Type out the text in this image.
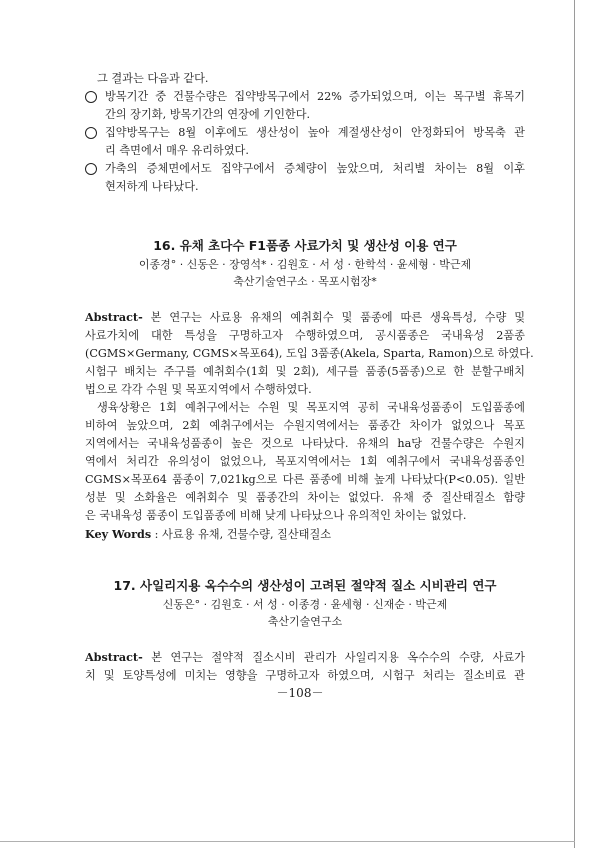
그 결과는 다음과 같다.
방목기간 중 건물수량은 집약방목구에서 22% 증가되었으며, 이는 목구별 휴목기
간의 장기화, 방목기간의 연장에 기인한다.
집약방목구는 8월 이후에도 생산성이 높아 계절생산성이 안정화되어 방목축 관
리 측면에서 매우 유리하였다.
가축의 증체면에서도 집약구에서 증체량이 높았으며, 처리별 차이는 8월 이후
현저하게 나타났다.
16. 유채 초다수 F1품종 사료가치 및 생산성 이용 연구
이종경° · 신동은 · 장영석* · 김원호 · 서 성 · 한학석 · 윤세형 · 박근제
축산기술연구소 · 목포시험장*
Abstract- 본 연구는 사료용 유채의 예취회수 및 품종에 따른 생육특성, 수량 및
사료가치에 대한 특성을 구명하고자 수행하였으며, 공시품종은 국내육성 2품종
(CGMS×Germany, CGMS×목포64), 도입 3품종(Akela, Sparta, Ramon)으로 하였다.
시험구 배치는 주구를 예취회수(1회 및 2회), 세구를 품종(5품종)으로 한 분할구배치
법으로 각각 수원 및 목포지역에서 수행하였다.
생육상황은 1회 예취구에서는 수원 및 목포지역 공히 국내육성품종이 도입품종에
비하여 높았으며, 2회 예취구에서는 수원지역에서는 품종간 차이가 없었으나 목포
지역에서는 국내육성품종이 높은 것으로 나타났다. 유채의 ha당 건물수량은 수원지
역에서 처리간 유의성이 없었으나, 목포지역에서는 1회 예취구에서 국내육성품종인
CGMS×목포64 품종이 7,021kg으로 다른 품종에 비해 높게 나타났다(P<0.05). 일반
성분 및 소화율은 예취회수 및 품종간의 차이는 없었다. 유채 중 질산태질소 함량
은 국내육성 품종이 도입품종에 비해 낮게 나타났으나 유의적인 차이는 없었다.
Key Words : 사료용 유채, 건물수량, 질산태질소
17. 사일리지용 옥수수의 생산성이 고려된 절약적 질소 시비관리 연구
신동은° · 김원호 · 서 성 · 이종경 · 윤세형 · 신재순 · 박근제
축산기술연구소
Abstract- 본 연구는 절약적 질소시비 관리가 사일리지용 옥수수의 수량, 사료가
치 및 토양특성에 미치는 영향을 구명하고자 하였으며, 시험구 처리는 질소비료 관
－108－
